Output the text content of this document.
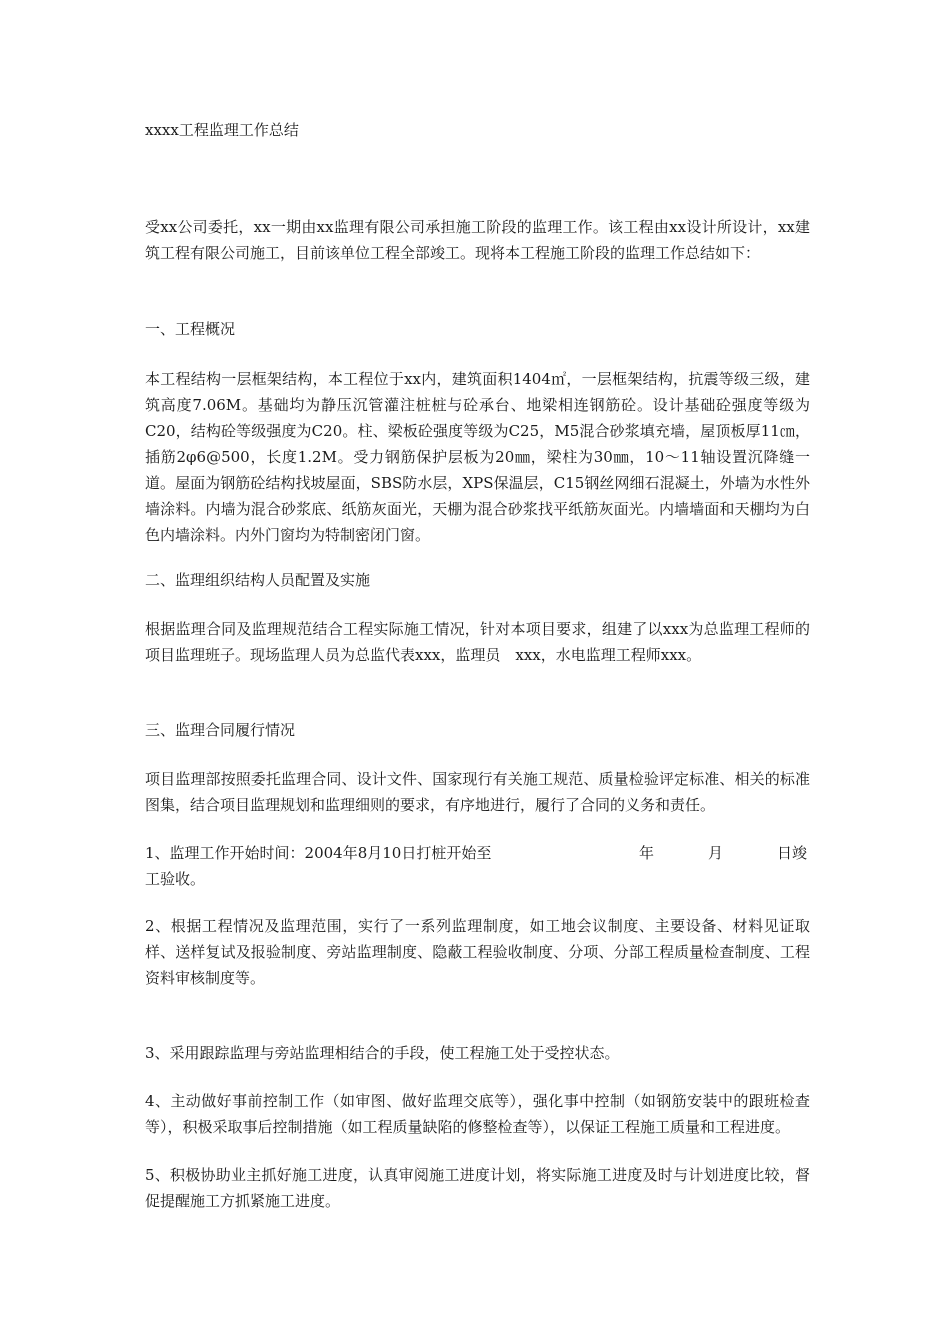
xxxx工程监理工作总结

受xx公司委托，xx一期由xx监理有限公司承担施工阶段的监理工作。该工程由xx设计所设计，xx建筑工程有限公司施工，目前该单位工程全部竣工。现将本工程施工阶段的监理工作总结如下：

一、工程概况

本工程结构一层框架结构，本工程位于xx内，建筑面积1404㎡，一层框架结构，抗震等级三级，建筑高度7.06M。基础均为静压沉管灌注桩桩与砼承台、地梁相连钢筋砼。设计基础砼强度等级为C20，结构砼等级强度为C20。柱、梁板砼强度等级为C25，M5混合砂浆填充墙，屋顶板厚11㎝，插筋2φ6@500，长度1.2M。受力钢筋保护层板为20㎜，梁柱为30㎜，10～11轴设置沉降缝一道。屋面为钢筋砼结构找坡屋面，SBS防水层，XPS保温层，C15钢丝网细石混凝土，外墙为水性外墙涂料。内墙为混合砂浆底、纸筋灰面光，天棚为混合砂浆找平纸筋灰面光。内墙墙面和天棚均为白色内墙涂料。内外门窗均为特制密闭门窗。

二、监理组织结构人员配置及实施

根据监理合同及监理规范结合工程实际施工情况，针对本项目要求，组建了以xxx为总监理工程师的项目监理班子。现场监理人员为总监代表xxx，监理员　xxx，水电监理工程师xxx。

三、监理合同履行情况

项目监理部按照委托监理合同、设计文件、国家现行有关施工规范、质量检验评定标准、相关的标准图集，结合项目监理规划和监理细则的要求，有序地进行，履行了合同的义务和责任。

1、监理工作开始时间：2004年8月10日打桩开始至	年	月	日竣
工验收。

2、根据工程情况及监理范围，实行了一系列监理制度，如工地会议制度、主要设备、材料见证取样、送样复试及报验制度、旁站监理制度、隐蔽工程验收制度、分项、分部工程质量检查制度、工程资料审核制度等。

3、采用跟踪监理与旁站监理相结合的手段，使工程施工处于受控状态。

4、主动做好事前控制工作（如审图、做好监理交底等），强化事中控制（如钢筋安装中的跟班检查等），积极采取事后控制措施（如工程质量缺陷的修整检查等），以保证工程施工质量和工程进度。

5、积极协助业主抓好施工进度，认真审阅施工进度计划，将实际施工进度及时与计划进度比较，督促提醒施工方抓紧施工进度。
